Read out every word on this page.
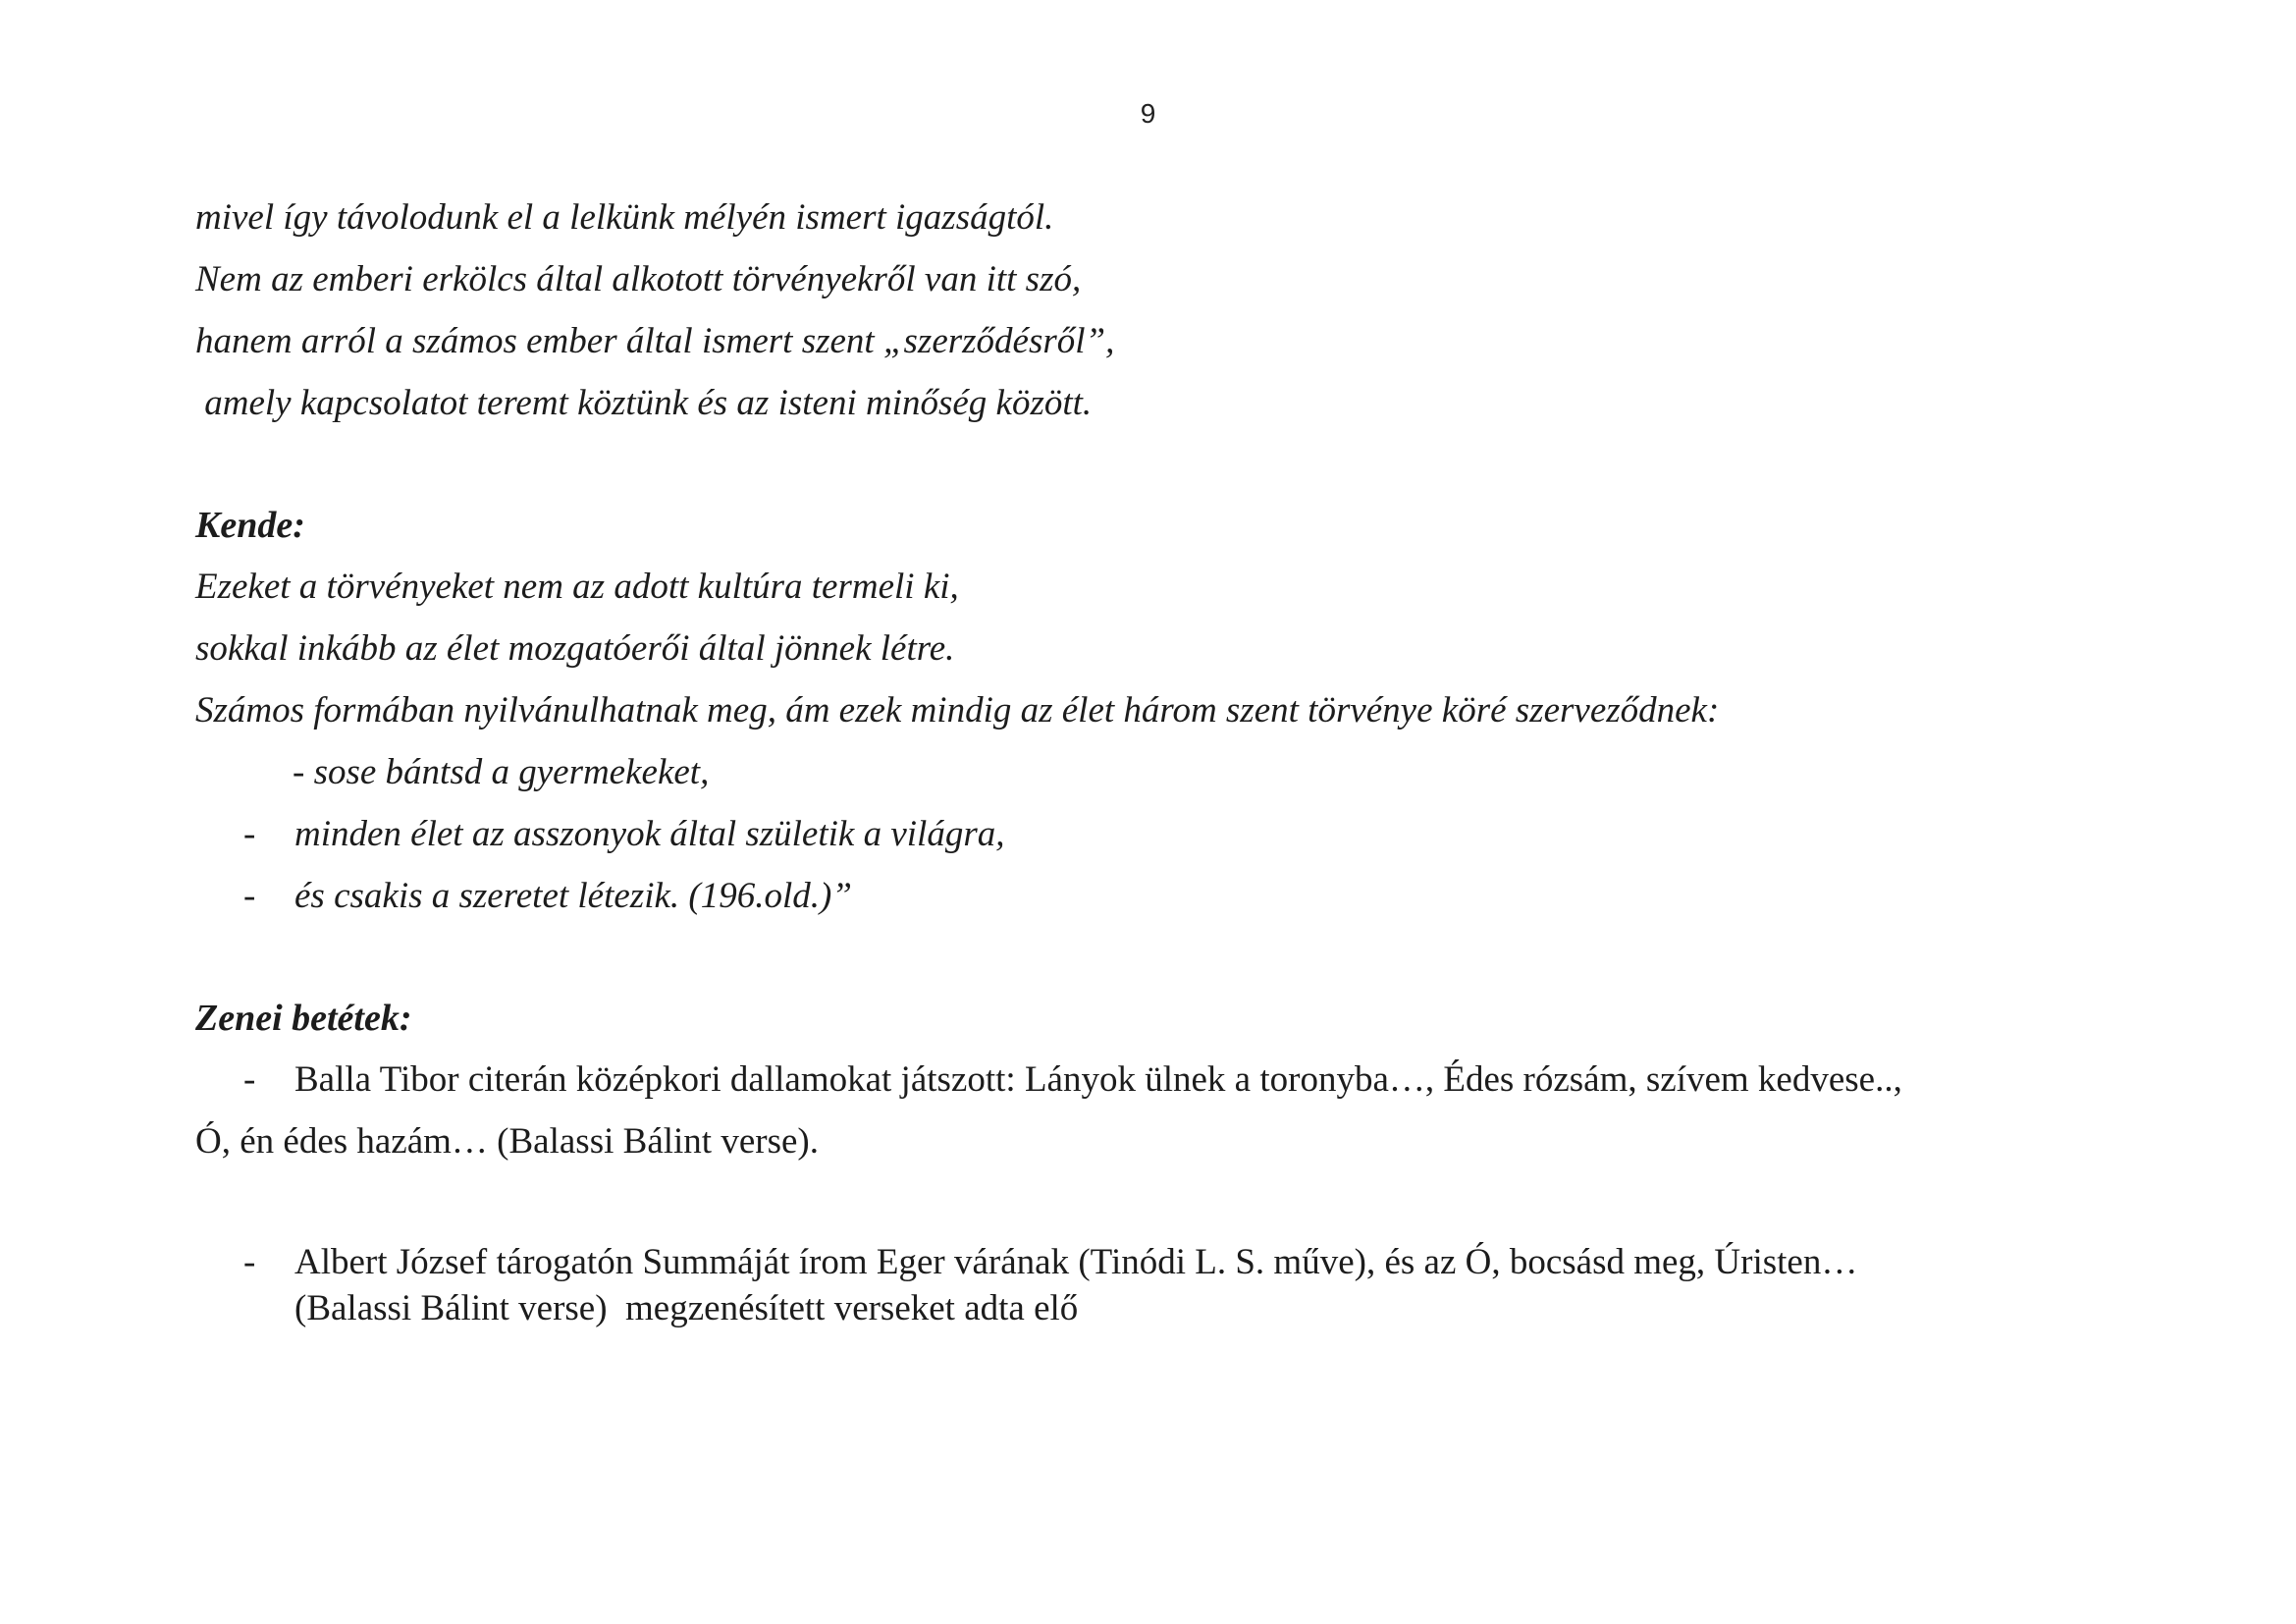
9
mivel így távolodunk el a lelkünk mélyén ismert igazságtól.
Nem az emberi erkölcs által alkotott törvényekről van itt szó,
hanem arról a számos ember által ismert szent „szerződésről”,
amely kapcsolatot teremt köztünk és az isteni minőség között.
Kende:
Ezeket a törvényeket nem az adott kultúra termeli ki,
sokkal inkább az élet mozgatóerői által jönnek létre.
Számos formában nyilvánulhatnak meg, ám ezek mindig az élet három szent törvénye köré szerveződnek:
- sose bántsd a gyermekeket,
- minden élet az asszonyok által születik a világra,
- és csakis a szeretet létezik. (196.old.)”
Zenei betétek:
- Balla Tibor citerán középkori dallamokat játszott: Lányok ülnek a toronyba…, Édes rózsám, szívem kedvese..,
Ó, én édes hazám… (Balassi Bálint verse).
- Albert József tárogatón Summáját írom Eger várának (Tinódi L. S. műve), és az Ó, bocsásd meg, Úristen…
(Balassi Bálint verse)  megzenésített verseket adta elő
